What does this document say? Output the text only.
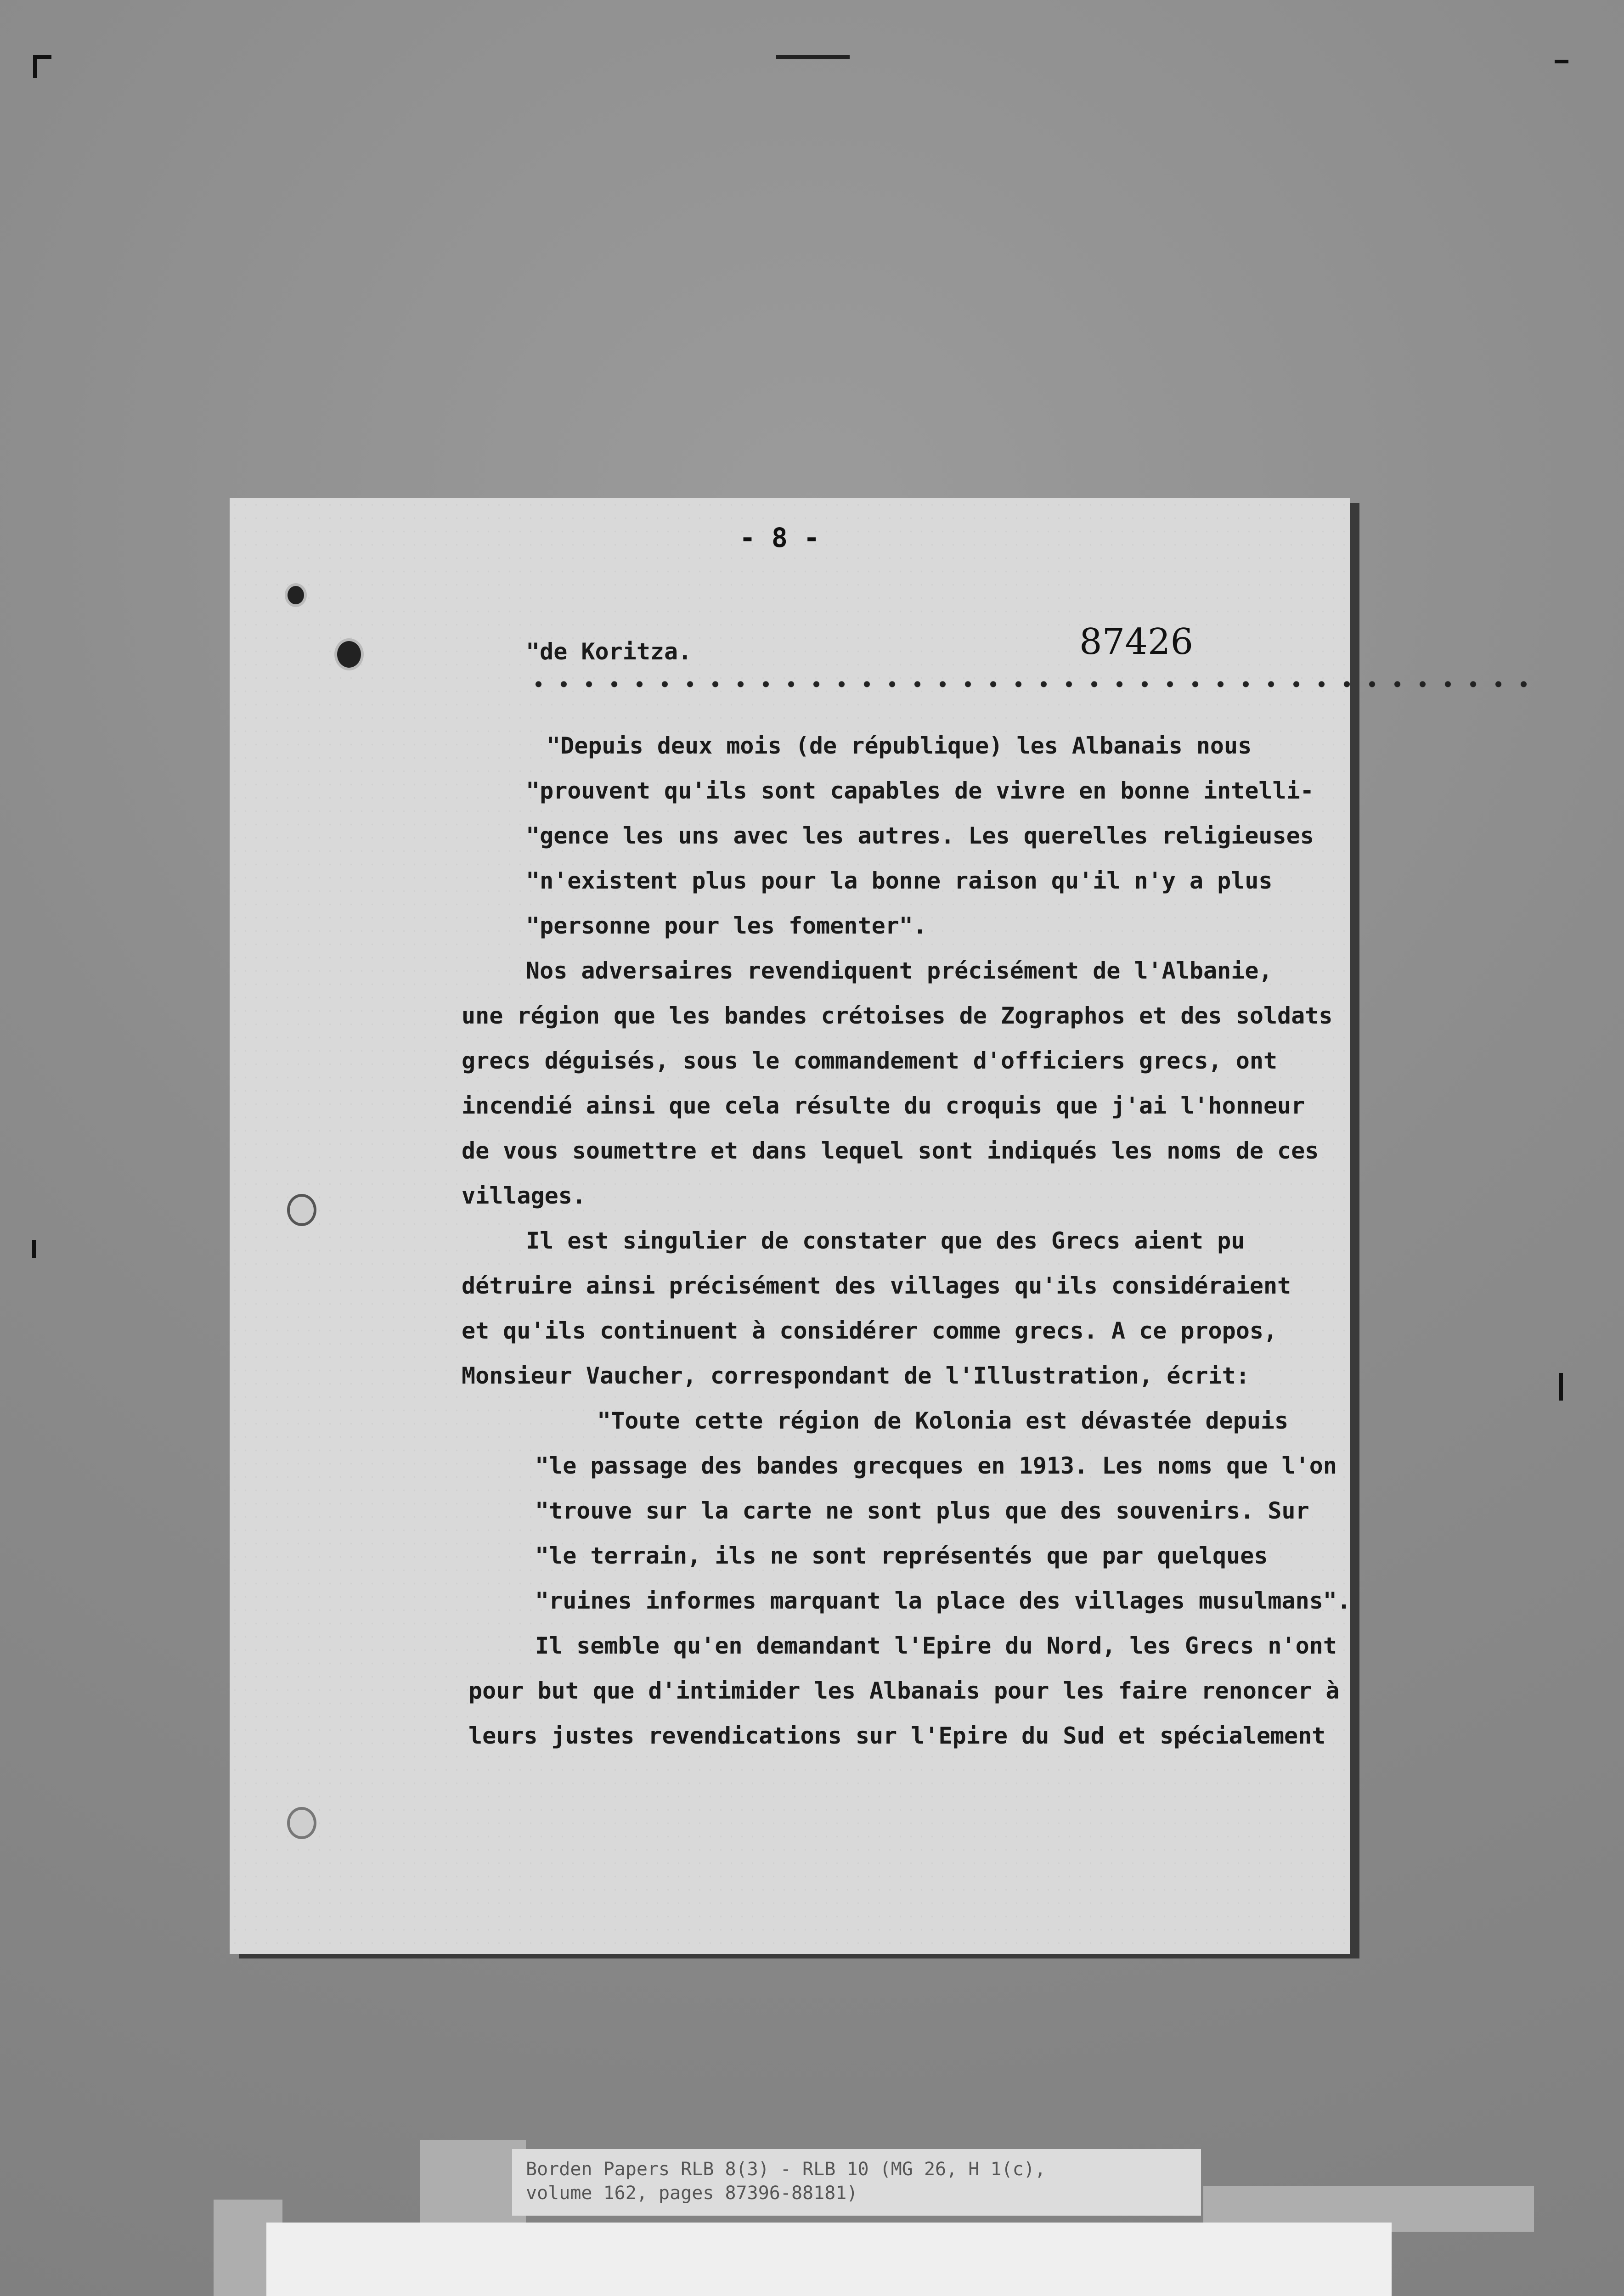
- 8 -
87426
"de Koritza.
"Depuis deux mois (de république) les Albanais nous
"prouvent qu'ils sont capables de vivre en bonne intelli-
"gence les uns avec les autres. Les querelles religieuses
"n'existent plus pour la bonne raison qu'il n'y a plus
"personne pour les fomenter".
Nos adversaires revendiquent précisément de l'Albanie,
une région que les bandes crétoises de Zographos et des soldats
grecs déguisés, sous le commandement d'officiers grecs, ont
incendié ainsi que cela résulte du croquis que j'ai l'honneur
de vous soumettre et dans lequel sont indiqués les noms de ces
villages.
Il est singulier de constater que des Grecs aient pu
détruire ainsi précisément des villages qu'ils considéraient
et qu'ils continuent à considérer comme grecs. A ce propos,
Monsieur Vaucher, correspondant de l'Illustration, écrit:
"Toute cette région de Kolonia est dévastée depuis
"le passage des bandes grecques en 1913. Les noms que l'on
"trouve sur la carte ne sont plus que des souvenirs. Sur
"le terrain, ils ne sont représentés que par quelques
"ruines informes marquant la place des villages musulmans".
Il semble qu'en demandant l'Epire du Nord, les Grecs n'ont
pour but que d'intimider les Albanais pour les faire renoncer à
leurs justes revendications sur l'Epire du Sud et spécialement
Borden Papers RLB 8(3) - RLB 10 (MG 26, H 1(c),
volume 162, pages 87396-88181)
